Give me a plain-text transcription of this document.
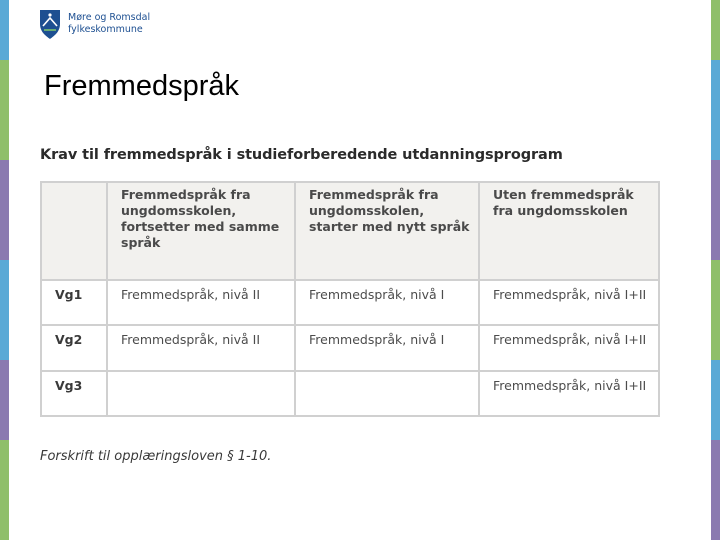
Møre og Romsdal
fylkeskommune
Fremmedspråk
Krav til fremmedspråk i studieforberedende utdanningsprogram
	Fremmedspråk fra ungdomsskolen, fortsetter med samme språk	Fremmedspråk fra ungdomsskolen, starter med nytt språk	Uten fremmedspråk fra ungdomsskolen
Vg1	Fremmedspråk, nivå II	Fremmedspråk, nivå I	Fremmedspråk, nivå I+II
Vg2	Fremmedspråk, nivå II	Fremmedspråk, nivå I	Fremmedspråk, nivå I+II
Vg3			Fremmedspråk, nivå I+II
Forskrift til opplæringsloven § 1-10.
